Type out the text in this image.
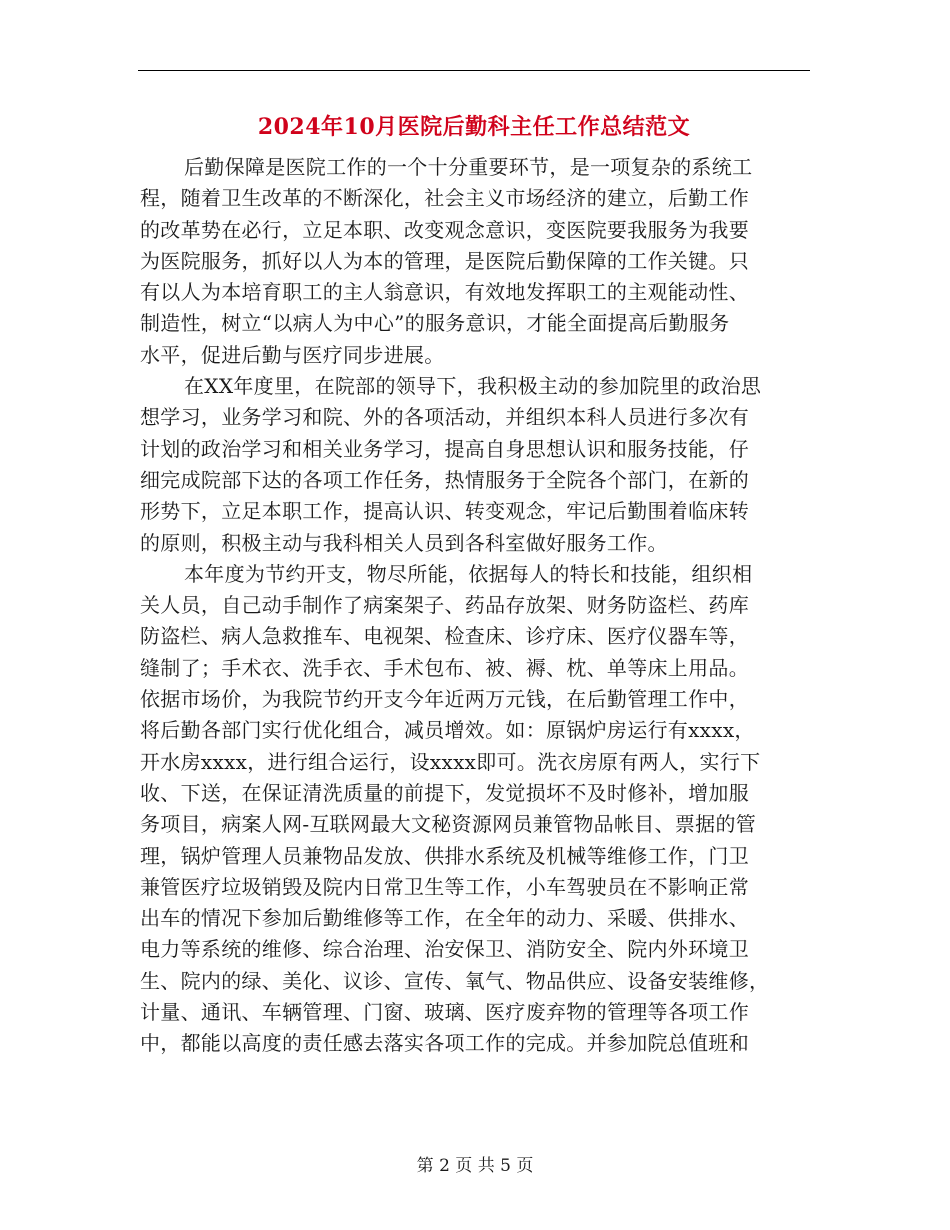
2024年10月医院后勤科主任工作总结范文
后勤保障是医院工作的一个十分重要环节，是一项复杂的系统工
程，随着卫生改革的不断深化，社会主义市场经济的建立，后勤工作
的改革势在必行，立足本职、改变观念意识，变医院要我服务为我要
为医院服务，抓好以人为本的管理，是医院后勤保障的工作关键。只
有以人为本培育职工的主人翁意识，有效地发挥职工的主观能动性、
制造性，树立“以病人为中心”的服务意识，才能全面提高后勤服务
水平，促进后勤与医疗同步进展。
在XX年度里，在院部的领导下，我积极主动的参加院里的政治思
想学习，业务学习和院、外的各项活动，并组织本科人员进行多次有
计划的政治学习和相关业务学习，提高自身思想认识和服务技能，仔
细完成院部下达的各项工作任务，热情服务于全院各个部门，在新的
形势下，立足本职工作，提高认识、转变观念，牢记后勤围着临床转
的原则，积极主动与我科相关人员到各科室做好服务工作。
本年度为节约开支，物尽所能，依据每人的特长和技能，组织相
关人员，自己动手制作了病案架子、药品存放架、财务防盗栏、药库
防盗栏、病人急救推车、电视架、检查床、诊疗床、医疗仪器车等，
缝制了；手术衣、洗手衣、手术包布、被、褥、枕、单等床上用品。
依据市场价，为我院节约开支今年近两万元钱，在后勤管理工作中，
将后勤各部门实行优化组合，减员增效。如：原锅炉房运行有xxxx，
开水房xxxx，进行组合运行，设xxxx即可。洗衣房原有两人，实行下
收、下送，在保证清洗质量的前提下，发觉损坏不及时修补，增加服
务项目，病案人网-互联网最大文秘资源网员兼管物品帐目、票据的管
理，锅炉管理人员兼物品发放、供排水系统及机械等维修工作，门卫
兼管医疗垃圾销毁及院内日常卫生等工作，小车驾驶员在不影响正常
出车的情况下参加后勤维修等工作，在全年的动力、采暖、供排水、
电力等系统的维修、综合治理、治安保卫、消防安全、院内外环境卫
生、院内的绿、美化、议诊、宣传、氧气、物品供应、设备安装维修，
计量、通讯、车辆管理、门窗、玻璃、医疗废弃物的管理等各项工作
中，都能以高度的责任感去落实各项工作的完成。并参加院总值班和
第 2 页 共 5 页
